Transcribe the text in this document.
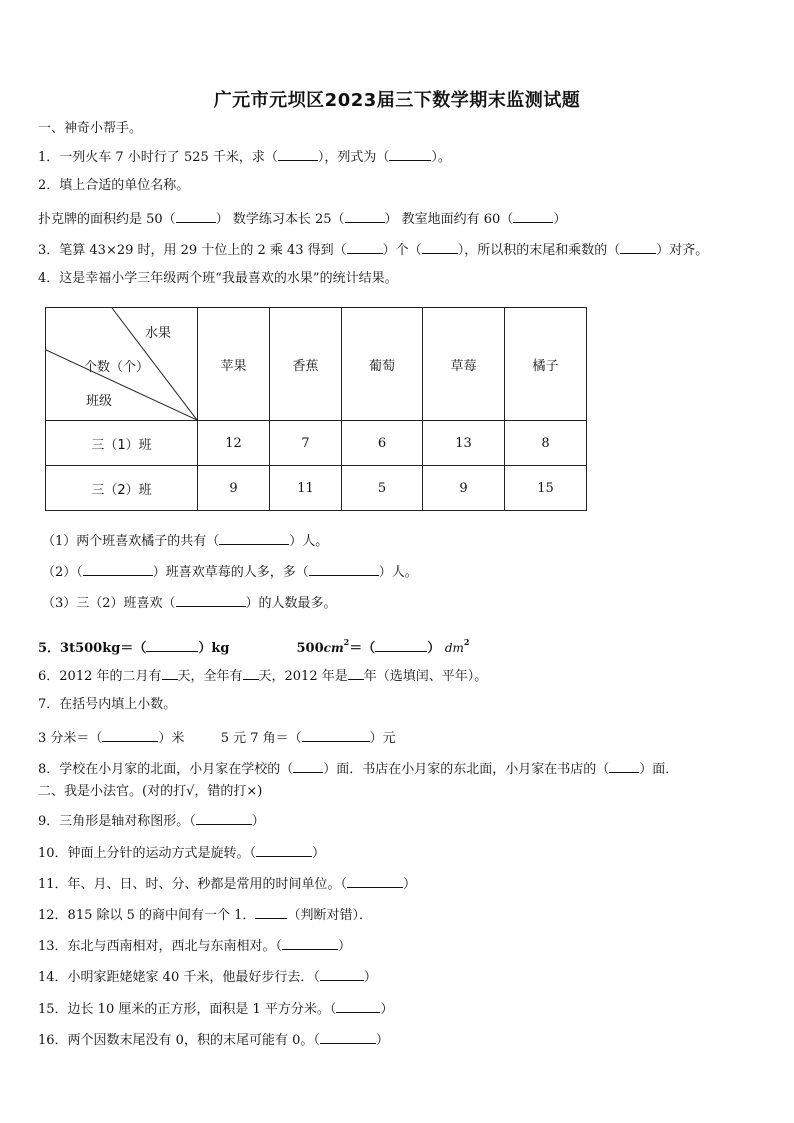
广元市元坝区2023届三下数学期末监测试题
一、神奇小帮手。
1．一列火车 7 小时行了 525 千米，求（	），列式为（	）。
2．填上合适的单位名称。
扑克牌的面积约是 50（	） 数学练习本长 25（	） 教室地面约有 60（	）
3．笔算 43×29 时，用 29 十位上的 2 乘 43 得到（	）个（	），所以积的末尾和乘数的（	）对齐。
4．这是幸福小学三年级两个班“我最喜欢的水果”的统计结果。
水果
个数（个）
班级	苹果	香蕉	葡萄	草莓	橘子
三（1）班	12	7	6	13	8
三（2）班	9	11	5	9	15
（1）两个班喜欢橘子的共有（	）人。
（2）（	）班喜欢草莓的人多，多（	）人。
（3）三（2）班喜欢（	）的人数最多。
5．3t500kg＝（	）kg	$500cm^2=$（	） $dm^2$
6．2012 年的二月有 天，全年有 天，2012 年是 年（选填闰、平年）。
7．在括号内填上小数。
3 分米＝（	）米	5 元 7 角＝（	）元
8．学校在小月家的北面，小月家在学校的（ ）面．书店在小月家的东北面，小月家在书店的（ ）面．
二、我是小法官。(对的打√，错的打×)
9．三角形是轴对称图形。（	）
10．钟面上分针的运动方式是旋转。（	）
11．年、月、日、时、分、秒都是常用的时间单位。（	）
12．815 除以 5 的商中间有一个 1． （判断对错）．
13．东北与西南相对，西北与东南相对。（	）
14．小明家距姥姥家 40 千米，他最好步行去．（	）
15．边长 10 厘米的正方形，面积是 1 平方分米。（	）
16．两个因数末尾没有 0，积的末尾可能有 0。（	）
